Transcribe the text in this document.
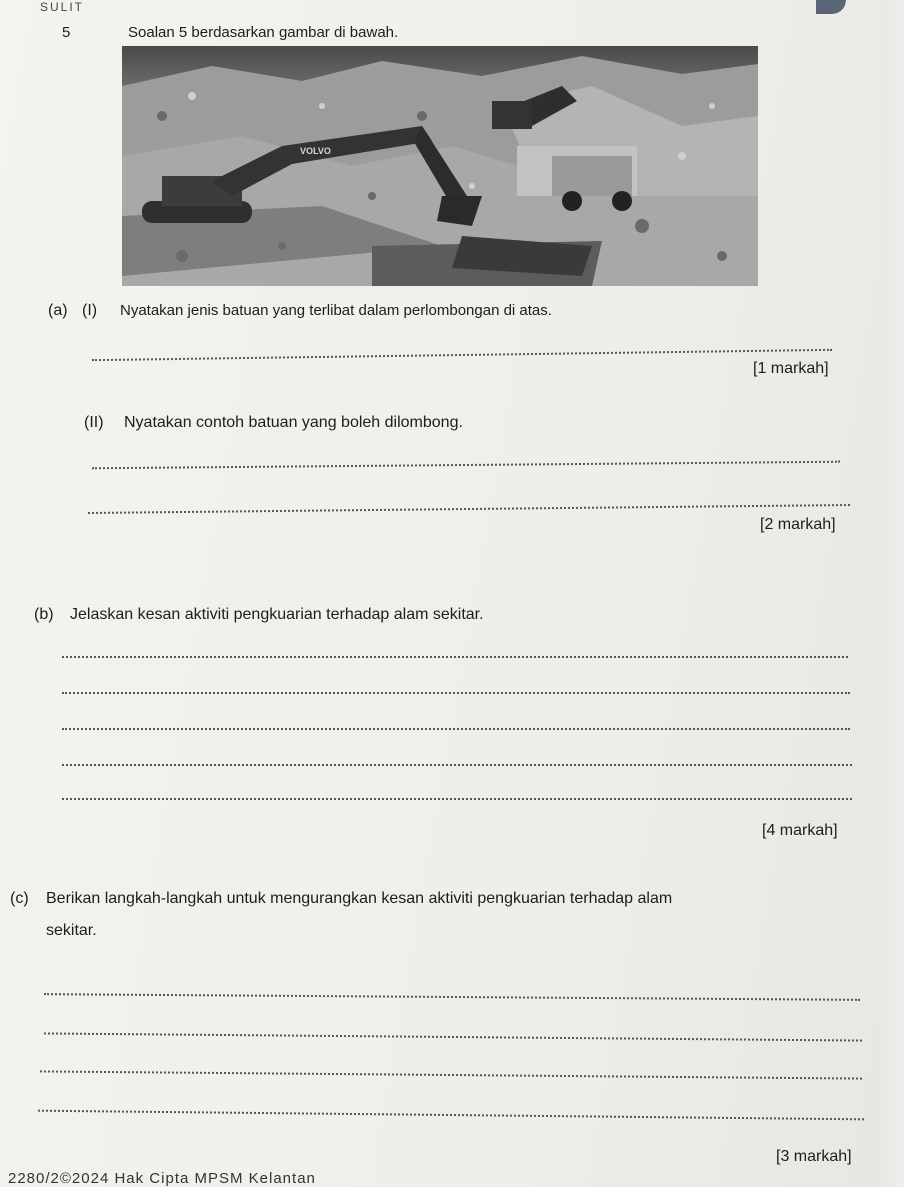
SULIT
5	Soalan 5 berdasarkan gambar di bawah.
VOLVO
(a) (I) Nyatakan jenis batuan yang terlibat dalam perlombongan di atas.
[1 markah]
(II) Nyatakan contoh batuan yang boleh dilombong.
[2 markah]
(b) Jelaskan kesan aktiviti pengkuarian terhadap alam sekitar.
[4 markah]
(c) Berikan langkah-langkah untuk mengurangkan kesan aktiviti pengkuarian terhadap alam
sekitar.
[3 markah]
2280/2©2024 Hak Cipta MPSM Kelantan
